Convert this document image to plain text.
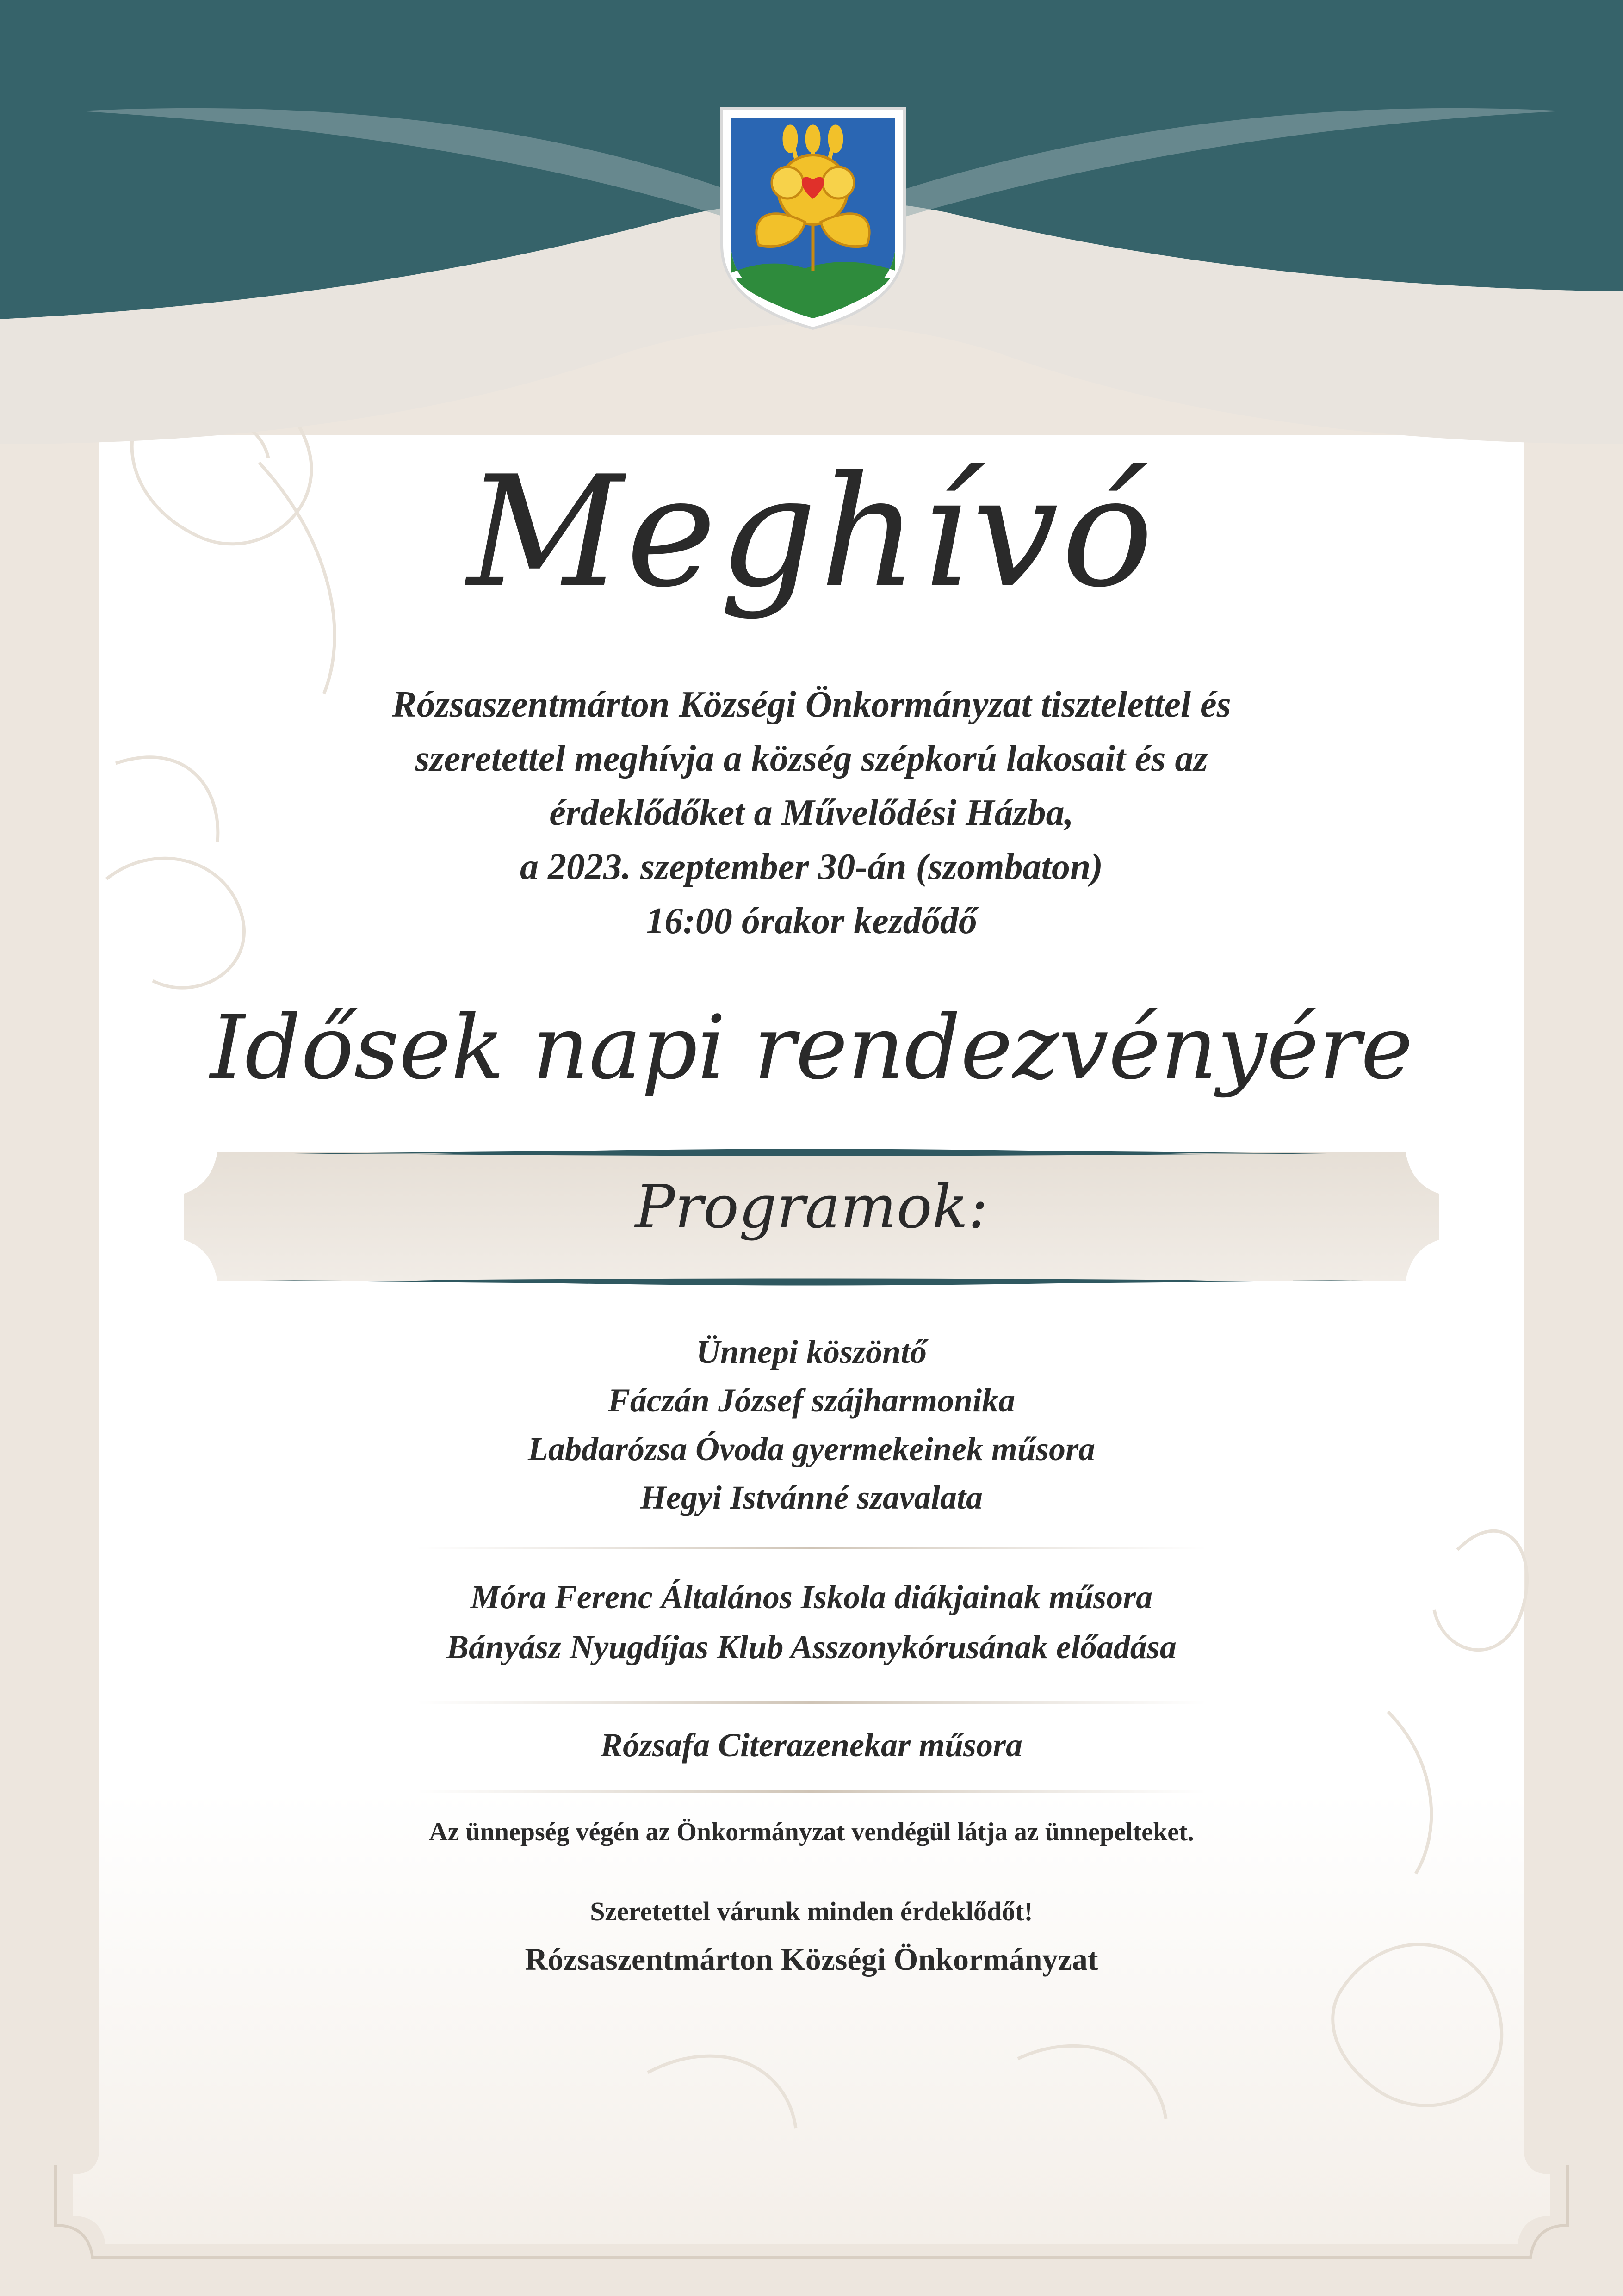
Meghívó
Rózsaszentmárton Községi Önkormányzat tisztelettel és
szeretettel meghívja a község szépkorú lakosait és az
érdeklődőket a Művelődési Házba,
a 2023. szeptember 30-án (szombaton)
16:00 órakor kezdődő
Idősek napi rendezvényére
Programok:
Ünnepi köszöntő
Fáczán József szájharmonika
Labdarózsa Óvoda gyermekeinek műsora
Hegyi Istvánné szavalata
Móra Ferenc Általános Iskola diákjainak műsora
Bányász Nyugdíjas Klub Asszonykórusának előadása
Rózsafa Citerazenekar műsora
Az ünnepség végén az Önkormányzat vendégül látja az ünnepelteket.
Szeretettel várunk minden érdeklődőt!
Rózsaszentmárton Községi Önkormányzat
